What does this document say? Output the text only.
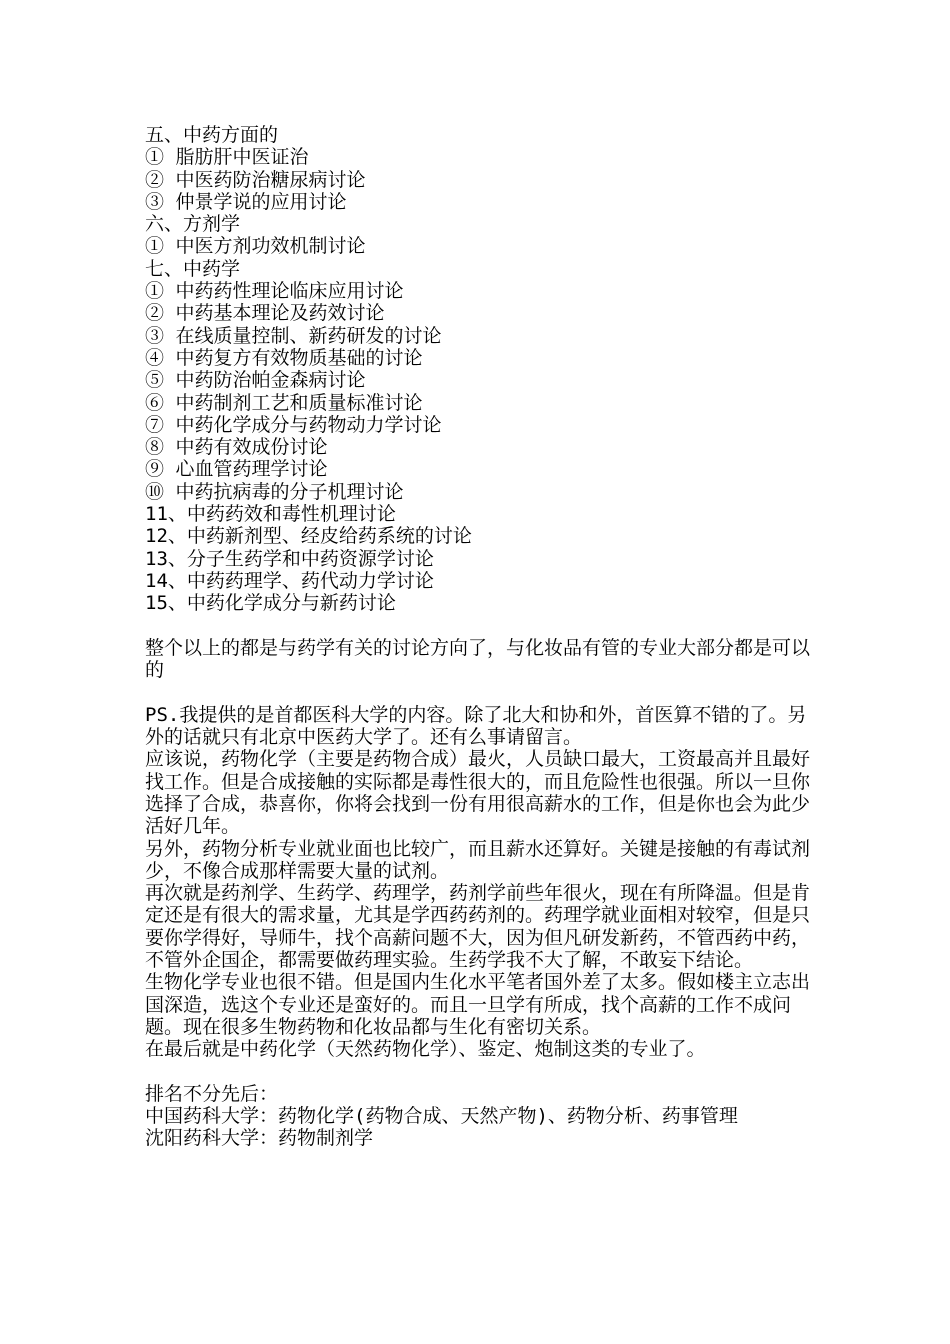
五、中药方面的

① 脂肪肝中医证治

② 中医药防治糖尿病讨论

③ 仲景学说的应用讨论

六、方剂学

① 中医方剂功效机制讨论

七、中药学

① 中药药性理论临床应用讨论

② 中药基本理论及药效讨论

③ 在线质量控制、新药研发的讨论

④ 中药复方有效物质基础的讨论

⑤ 中药防治帕金森病讨论

⑥ 中药制剂工艺和质量标准讨论

⑦ 中药化学成分与药物动力学讨论

⑧ 中药有效成份讨论

⑨ 心血管药理学讨论

⑩ 中药抗病毒的分子机理讨论

11、中药药效和毒性机理讨论

12、中药新剂型、经皮给药系统的讨论

13、分子生药学和中药资源学讨论

14、中药药理学、药代动力学讨论

15、中药化学成分与新药讨论

整个以上的都是与药学有关的讨论方向了，与化妆品有管的专业大部分都是可以的

PS.我提供的是首都医科大学的内容。除了北大和协和外，首医算不错的了。另外的话就只有北京中医药大学了。还有么事请留言。

应该说，药物化学（主要是药物合成）最火，人员缺口最大，工资最高并且最好找工作。但是合成接触的实际都是毒性很大的，而且危险性也很强。所以一旦你选择了合成，恭喜你，你将会找到一份有用很高薪水的工作，但是你也会为此少活好几年。

另外，药物分析专业就业面也比较广，而且薪水还算好。关键是接触的有毒试剂少，不像合成那样需要大量的试剂。

再次就是药剂学、生药学、药理学，药剂学前些年很火，现在有所降温。但是肯定还是有很大的需求量，尤其是学西药药剂的。药理学就业面相对较窄，但是只要你学得好，导师牛，找个高薪问题不大，因为但凡研发新药，不管西药中药，不管外企国企，都需要做药理实验。生药学我不大了解，不敢妄下结论。

生物化学专业也很不错。但是国内生化水平笔者国外差了太多。假如楼主立志出国深造，选这个专业还是蛮好的。而且一旦学有所成，找个高薪的工作不成问题。现在很多生物药物和化妆品都与生化有密切关系。

在最后就是中药化学（天然药物化学）、鉴定、炮制这类的专业了。

排名不分先后：

中国药科大学：药物化学(药物合成、天然产物)、药物分析、药事管理

沈阳药科大学：药物制剂学
